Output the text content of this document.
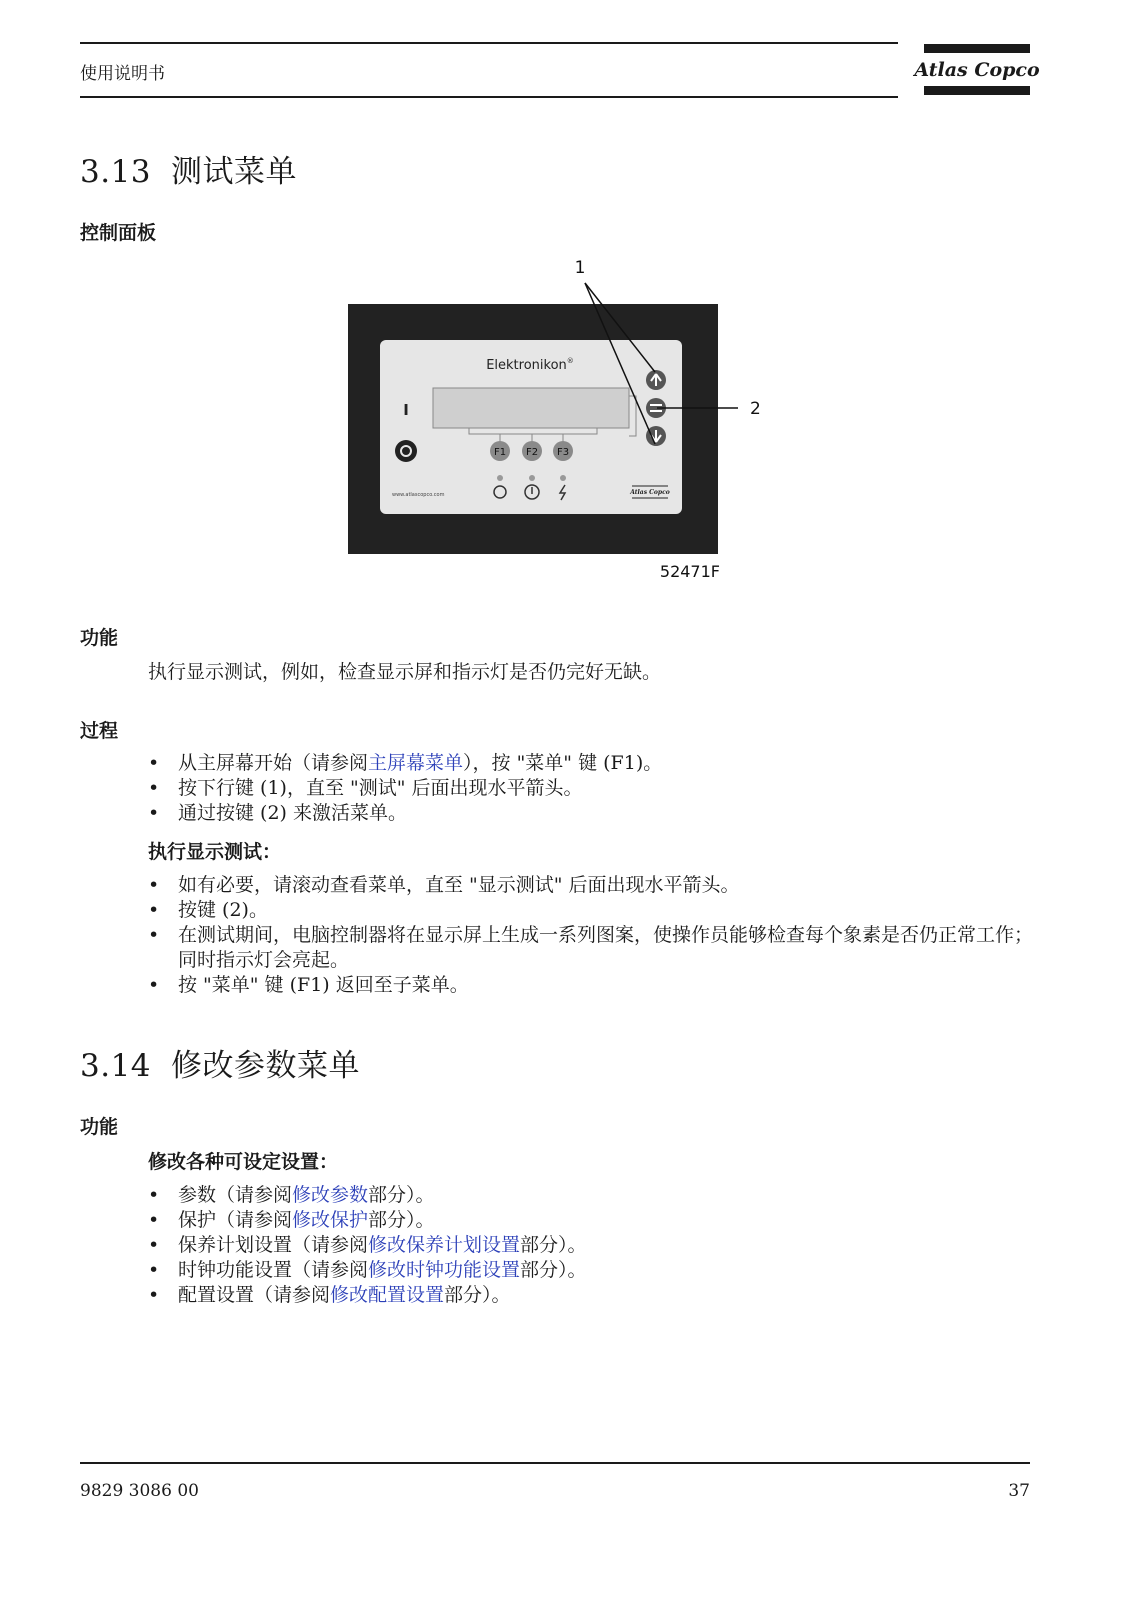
使用说明书	Atlas Copco
3.13 测试菜单
控制面板
Elektronikon®
I
F1 F2 F3
www.atlascopco.com	Atlas Copco
1
2
52471F
功能
执行显示测试，例如，检查显示屏和指示灯是否仍完好无缺。
过程
• 从主屏幕开始（请参阅主屏幕菜单），按 "菜单" 键 (F1)。
• 按下行键 (1)，直至 "测试" 后面出现水平箭头。
• 通过按键 (2) 来激活菜单。
执行显示测试：
• 如有必要，请滚动查看菜单，直至 "显示测试" 后面出现水平箭头。
• 按键 (2)。
• 在测试期间，电脑控制器将在显示屏上生成一系列图案，使操作员能够检查每个象素是否仍正常工作；同时指示灯会亮起。
• 按 "菜单" 键 (F1) 返回至子菜单。
3.14 修改参数菜单
功能
修改各种可设定设置：
• 参数（请参阅修改参数部分）。
• 保护（请参阅修改保护部分）。
• 保养计划设置（请参阅修改保养计划设置部分）。
• 时钟功能设置（请参阅修改时钟功能设置部分）。
• 配置设置（请参阅修改配置设置部分）。
9829 3086 00	37
